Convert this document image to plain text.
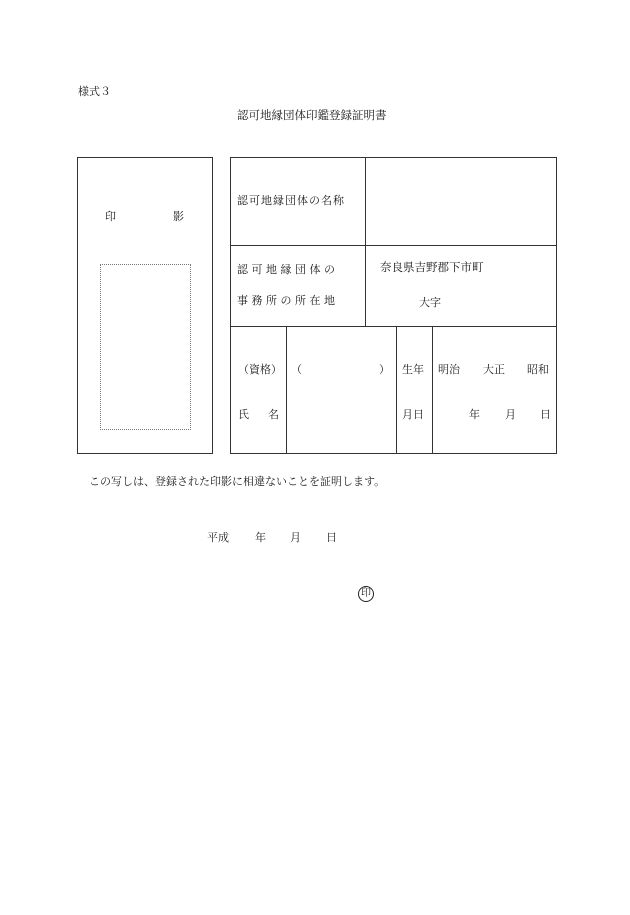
様式３
認可地縁団体印鑑登録証明書
印	影
認可地縁団体の名称
認 可 地 縁 団 体 の
事 務 所 の 所 在 地
奈良県吉野郡下市町
大字
（資格）
氏 名
（	） 生年
月日
明治 大正 昭和
年 月 日
この写しは、登録された印影に相違ないことを証明します。
平成 年 月 日
印
